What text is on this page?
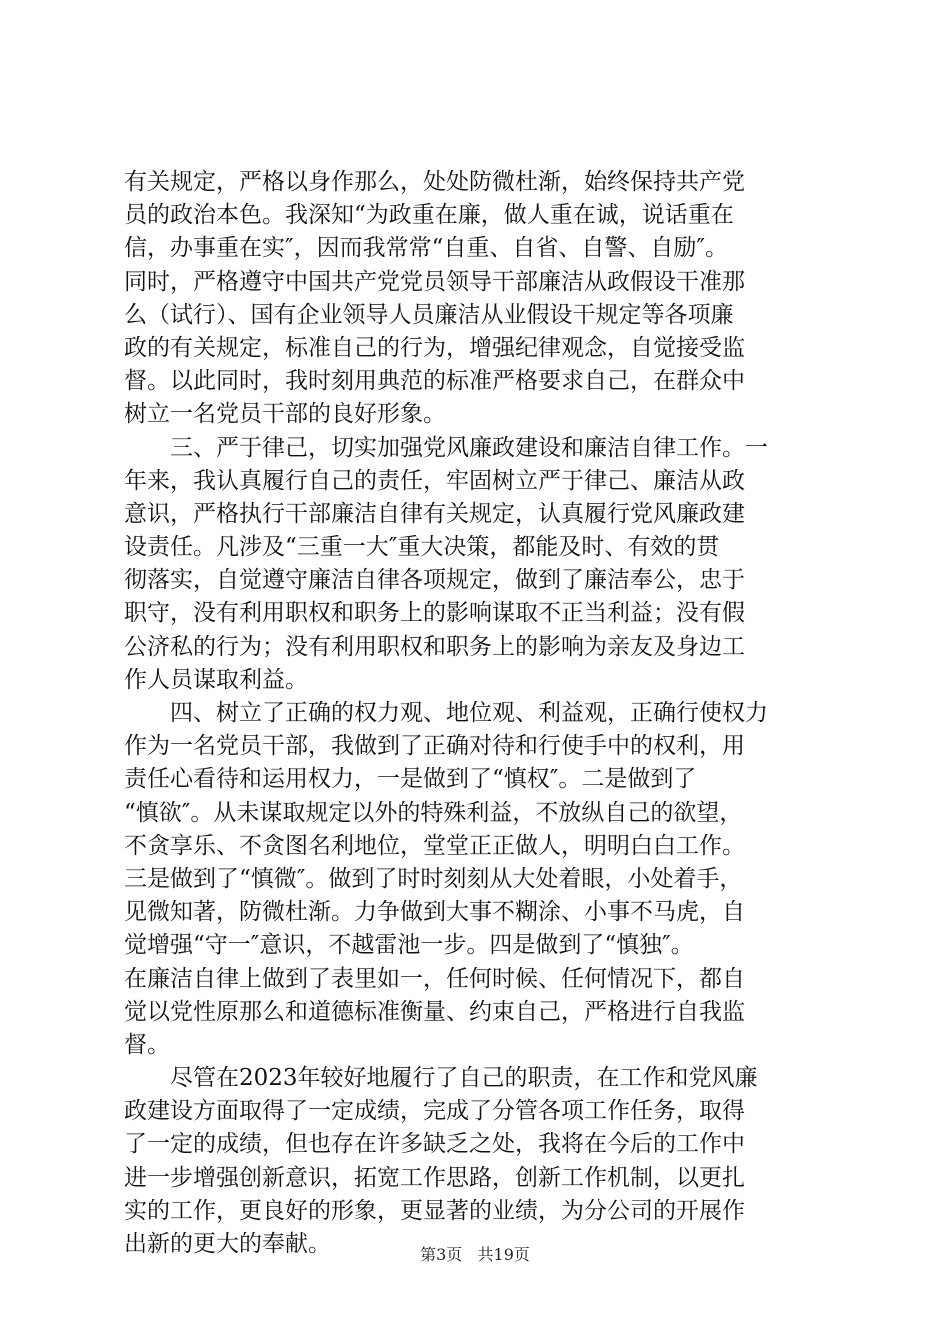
有关规定，严格以身作那么，处处防微杜渐，始终保持共产党
员的政治本色。我深知“为政重在廉，做人重在诚，说话重在
信，办事重在实″，因而我常常“自重、自省、自警、自励″。
同时，严格遵守中国共产党党员领导干部廉洁从政假设干准那
么（试行）、国有企业领导人员廉洁从业假设干规定等各项廉
政的有关规定，标准自己的行为，增强纪律观念，自觉接受监
督。以此同时，我时刻用典范的标准严格要求自己，在群众中
树立一名党员干部的良好形象。
三、严于律己，切实加强党风廉政建设和廉洁自律工作。一
年来，我认真履行自己的责任，牢固树立严于律己、廉洁从政
意识，严格执行干部廉洁自律有关规定，认真履行党风廉政建
设责任。凡涉及“三重一大″重大决策，都能及时、有效的贯
彻落实，自觉遵守廉洁自律各项规定，做到了廉洁奉公，忠于
职守，没有利用职权和职务上的影响谋取不正当利益；没有假
公济私的行为；没有利用职权和职务上的影响为亲友及身边工
作人员谋取利益。
四、树立了正确的权力观、地位观、利益观，正确行使权力
作为一名党员干部，我做到了正确对待和行使手中的权利，用
责任心看待和运用权力，一是做到了“慎权″。二是做到了
“慎欲″。从未谋取规定以外的特殊利益，不放纵自己的欲望，
不贪享乐、不贪图名利地位，堂堂正正做人，明明白白工作。
三是做到了“慎微″。做到了时时刻刻从大处着眼，小处着手，
见微知著，防微杜渐。力争做到大事不糊涂、小事不马虎，自
觉增强“守一″意识，不越雷池一步。四是做到了“慎独″。
在廉洁自律上做到了表里如一，任何时候、任何情况下，都自
觉以党性原那么和道德标准衡量、约束自己，严格进行自我监
督。
尽管在2023年较好地履行了自己的职责，在工作和党风廉
政建设方面取得了一定成绩，完成了分管各项工作任务，取得
了一定的成绩，但也存在许多缺乏之处，我将在今后的工作中
进一步增强创新意识，拓宽工作思路，创新工作机制，以更扎
实的工作，更良好的形象，更显著的业绩，为分公司的开展作
出新的更大的奉献。	第3页 共19页
